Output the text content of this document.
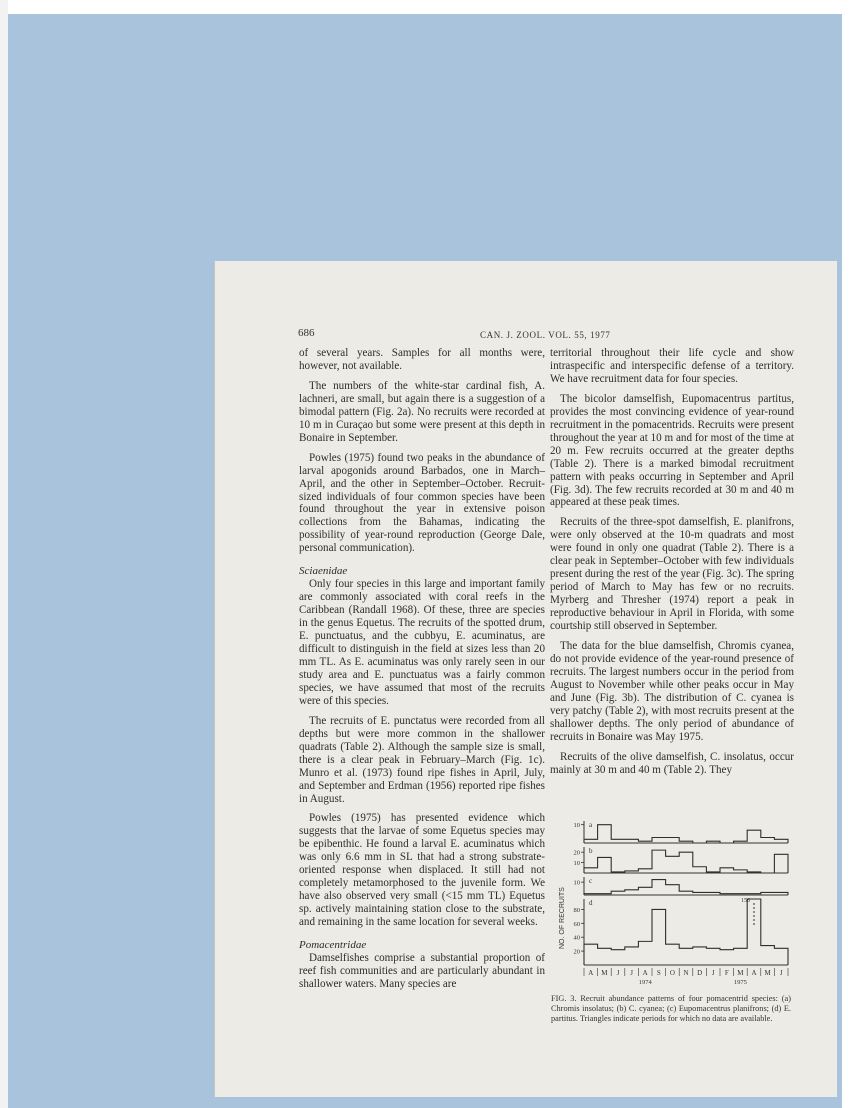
686	CAN. J. ZOOL. VOL. 55, 1977

of several years. Samples for all months were, however, not available.

The numbers of the white-star cardinal fish, A. lachneri, are small, but again there is a suggestion of a bimodal pattern (Fig. 2a). No recruits were recorded at 10 m in Curaçao but some were present at this depth in Bonaire in September.

Powles (1975) found two peaks in the abundance of larval apogonids around Barbados, one in March–April, and the other in September–October. Recruit-sized individuals of four common species have been found throughout the year in extensive poison collections from the Bahamas, indicating the possibility of year-round reproduction (George Dale, personal communication).

Sciaenidae

Only four species in this large and important family are commonly associated with coral reefs in the Caribbean (Randall 1968). Of these, three are species in the genus Equetus. The recruits of the spotted drum, E. punctuatus, and the cubbyu, E. acuminatus, are difficult to distinguish in the field at sizes less than 20 mm TL. As E. acuminatus was only rarely seen in our study area and E. punctuatus was a fairly common species, we have assumed that most of the recruits were of this species.

The recruits of E. punctatus were recorded from all depths but were more common in the shallower quadrats (Table 2). Although the sample size is small, there is a clear peak in February–March (Fig. 1c). Munro et al. (1973) found ripe fishes in April, July, and September and Erdman (1956) reported ripe fishes in August.

Powles (1975) has presented evidence which suggests that the larvae of some Equetus species may be epibenthic. He found a larval E. acuminatus which was only 6.6 mm in SL that had a strong substrate-oriented response when displaced. It still had not completely metamorphosed to the juvenile form. We have also observed very small (<15 mm TL) Equetus sp. actively maintaining station close to the substrate, and remaining in the same location for several weeks.

Pomacentridae

Damselfishes comprise a substantial proportion of reef fish communities and are particularly abundant in shallower waters. Many species are

territorial throughout their life cycle and show intraspecific and interspecific defense of a territory. We have recruitment data for four species.

The bicolor damselfish, Eupomacentrus partitus, provides the most convincing evidence of year-round recruitment in the pomacentrids. Recruits were present throughout the year at 10 m and for most of the time at 20 m. Few recruits occurred at the greater depths (Table 2). There is a marked bimodal recruitment pattern with peaks occurring in September and April (Fig. 3d). The few recruits recorded at 30 m and 40 m appeared at these peak times.

Recruits of the three-spot damselfish, E. planifrons, were only observed at the 10-m quadrats and most were found in only one quadrat (Table 2). There is a clear peak in September–October with few individuals present during the rest of the year (Fig. 3c). The spring period of March to May has few or no recruits. Myrberg and Thresher (1974) report a peak in reproductive behaviour in April in Florida, with some courtship still observed in September.

The data for the blue damselfish, Chromis cyanea, do not provide evidence of the year-round presence of recruits. The largest numbers occur in the period from August to November while other peaks occur in May and June (Fig. 3b). The distribution of C. cyanea is very patchy (Table 2), with most recruits present at the shallower depths. The only period of abundance of recruits in Bonaire was May 1975.

Recruits of the olive damselfish, C. insolatus, occur mainly at 30 m and 40 m (Table 2). They

a
10
b
20
10
c
10
d
80
60
40
20
156
NO. OF RECRUITS
A M J J A S O N D J F M A M J
1974	1975
FIG. 3. Recruit abundance patterns of four pomacentrid species: (a) Chromis insolatus; (b) C. cyanea; (c) Eupomacentrus planifrons; (d) E. partitus. Triangles indicate periods for which no data are available.
